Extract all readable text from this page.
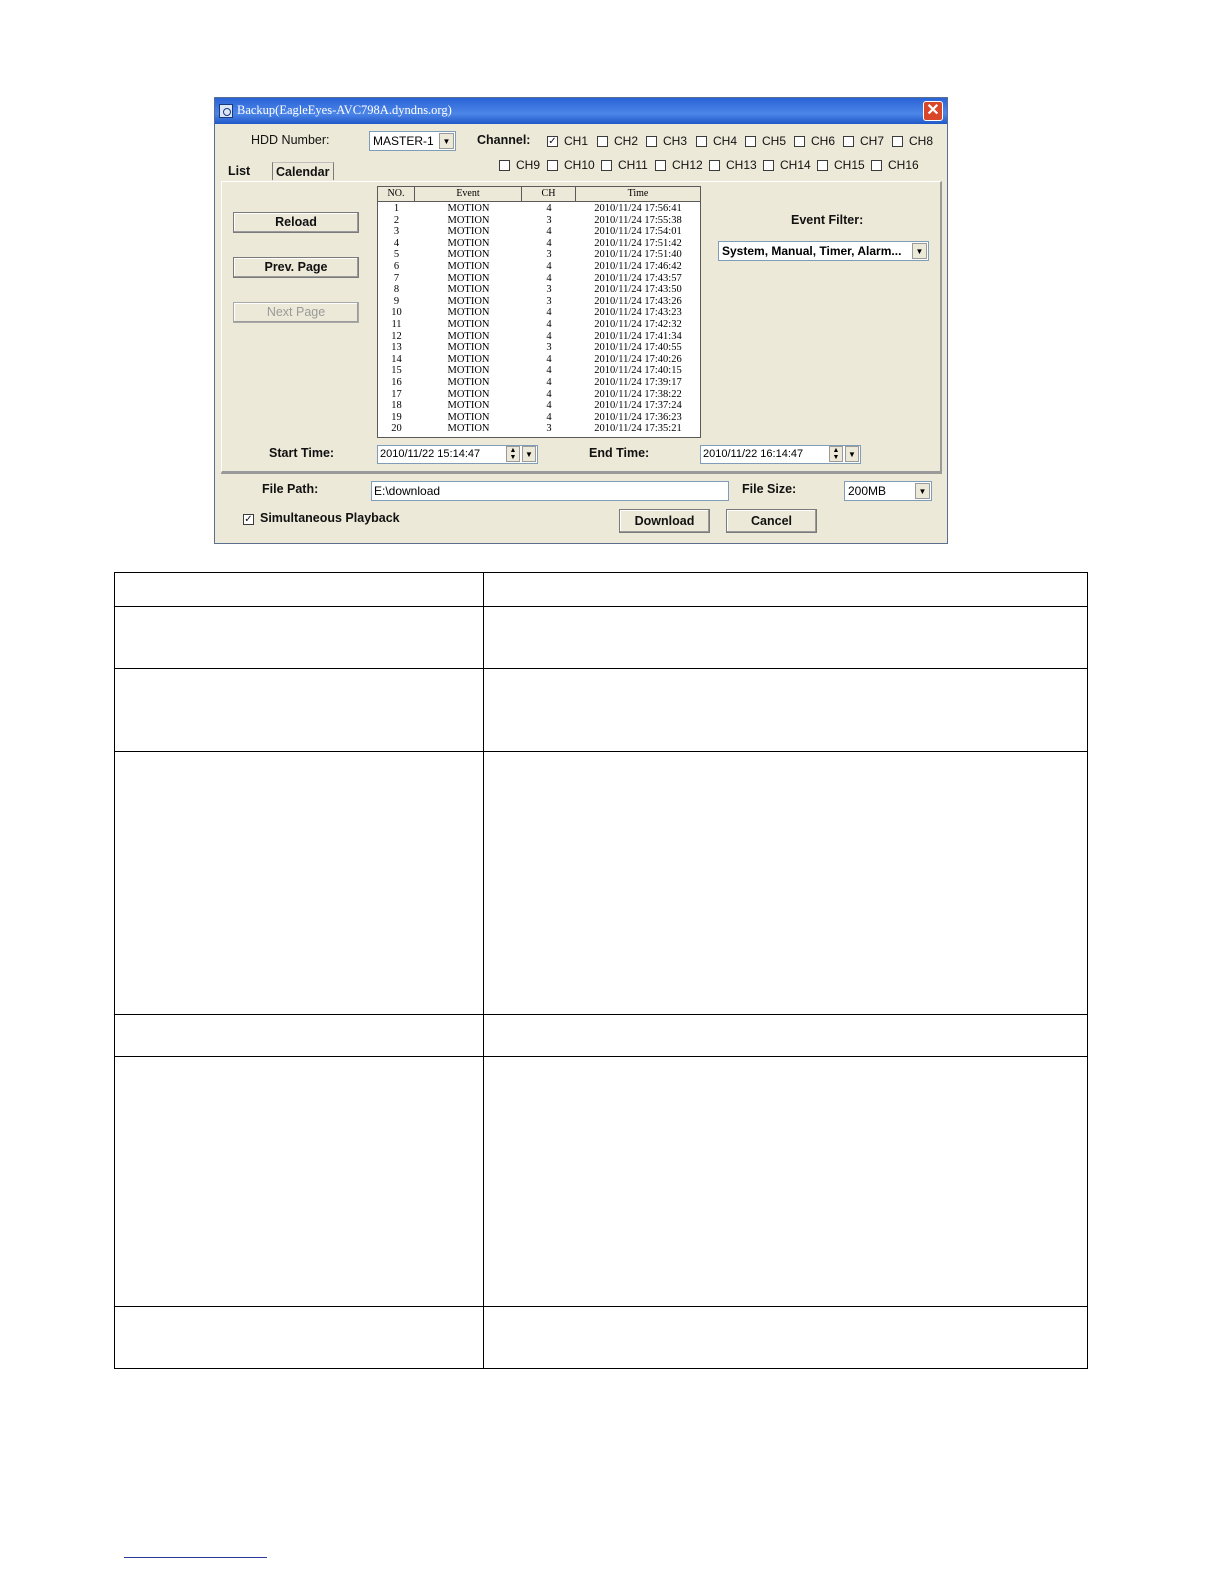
Backup(EagleEyes-AVC798A.dyndns.org)	✕
HDD Number:	MASTER-1	▼ Channel: ✓ CH1 CH2 CH3 CH4 CH5 CH6 CH7 CH8
CH9 CH10 CH11 CH12 CH13 CH14 CH15 CH16
List	Calendar
Reload
Prev. Page
Next Page
NO.	Event	CH	Time
1	MOTION	4	2010/11/24 17:56:41
2	MOTION	3	2010/11/24 17:55:38
3	MOTION	4	2010/11/24 17:54:01
4	MOTION	4	2010/11/24 17:51:42
5	MOTION	3	2010/11/24 17:51:40
6	MOTION	4	2010/11/24 17:46:42
7	MOTION	4	2010/11/24 17:43:57
8	MOTION	3	2010/11/24 17:43:50
9	MOTION	3	2010/11/24 17:43:26
10	MOTION	4	2010/11/24 17:43:23
11	MOTION	4	2010/11/24 17:42:32
12	MOTION	4	2010/11/24 17:41:34
13	MOTION	3	2010/11/24 17:40:55
14	MOTION	4	2010/11/24 17:40:26
15	MOTION	4	2010/11/24 17:40:15
16	MOTION	4	2010/11/24 17:39:17
17	MOTION	4	2010/11/24 17:38:22
18	MOTION	4	2010/11/24 17:37:24
19	MOTION	4	2010/11/24 17:36:23
20	MOTION	3	2010/11/24 17:35:21
Event Filter:
System, Manual, Timer, Alarm...	▼
Start Time:	2010/11/22 15:14:47	▲
▼	▼	End Time:	2010/11/22 16:14:47	▲
▼	▼
File Path:	E:\download	File Size:	200MB	▼
✓ Simultaneous Playback	Download	Cancel
